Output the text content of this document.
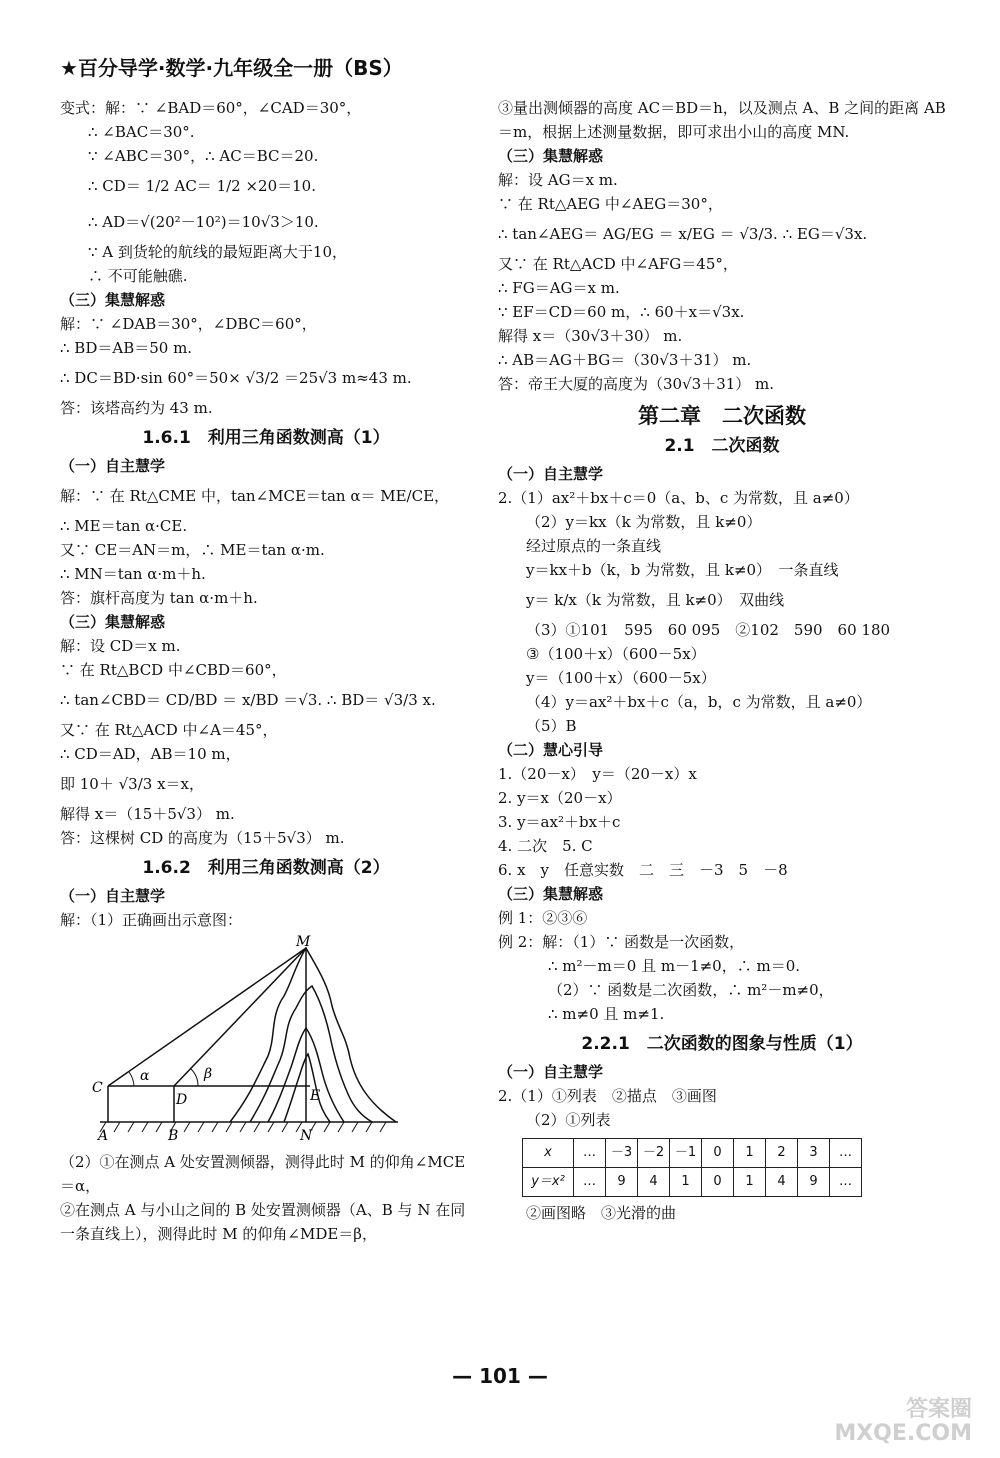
★百分导学·数学·九年级全一册（BS）
变式：解：∵ ∠BAD＝60°，∠CAD＝30°，
∴ ∠BAC＝30°.
∵ ∠ABC＝30°，∴ AC＝BC＝20.
∴ CD＝ 1/2 AC＝ 1/2 ×20＝10.
∴ AD＝√(20²－10²)＝10√3＞10.
∵ A 到货轮的航线的最短距离大于10，
∴ 不可能触礁.
（三）集慧解惑
解：∵ ∠DAB＝30°，∠DBC＝60°，
∴ BD＝AB＝50 m.
∴ DC＝BD·sin 60°＝50× √3/2 ＝25√3 m≈43 m.
答：该塔高约为 43 m.
1.6.1　利用三角函数测高（1）
（一）自主慧学
解：∵ 在 Rt△CME 中，tan∠MCE＝tan α＝ ME/CE，
∴ ME＝tan α·CE.
又∵ CE＝AN＝m，∴ ME＝tan α·m.
∴ MN＝tan α·m＋h.
答：旗杆高度为 tan α·m＋h.
（三）集慧解惑
解：设 CD＝x m.
∵ 在 Rt△BCD 中∠CBD＝60°，
∴ tan∠CBD＝ CD/BD ＝ x/BD ＝√3. ∴ BD＝ √3/3 x.
又∵ 在 Rt△ACD 中∠A＝45°，
∴ CD＝AD，AB＝10 m，
即 10＋ √3/3 x＝x，
解得 x＝（15＋5√3） m.
答：这棵树 CD 的高度为（15＋5√3） m.
1.6.2　利用三角函数测高（2）
（一）自主慧学
解：（1）正确画出示意图：
M
C
D	E
A	B	N
α	β
（2）①在测点 A 处安置测倾器，测得此时 M 的仰角∠MCE＝α，
②在测点 A 与小山之间的 B 处安置测倾器（A、B 与 N 在同一条直线上），测得此时 M 的仰角∠MDE＝β，
③量出测倾器的高度 AC＝BD＝h，以及测点 A、B 之间的距离 AB＝m，根据上述测量数据，即可求出小山的高度 MN.
（三）集慧解惑
解：设 AG＝x m.
∵ 在 Rt△AEG 中∠AEG＝30°，
∴ tan∠AEG＝ AG/EG ＝ x/EG ＝ √3/3. ∴ EG＝√3x.
又∵ 在 Rt△ACD 中∠AFG＝45°，
∴ FG＝AG＝x m.
∵ EF＝CD＝60 m，∴ 60＋x＝√3x.
解得 x＝（30√3＋30） m.
∴ AB＝AG＋BG＝（30√3＋31） m.
答：帝王大厦的高度为（30√3＋31） m.
第二章　二次函数
2.1　二次函数
（一）自主慧学
2.（1）ax²＋bx＋c＝0（a、b、c 为常数，且 a≠0）
（2）y＝kx（k 为常数，且 k≠0）
经过原点的一条直线
y＝kx＋b（k，b 为常数，且 k≠0）　一条直线
y＝ k/x（k 为常数，且 k≠0）　双曲线
（3）①101　595　60 095　②102　590　60 180
③（100＋x）（600－5x）
y＝（100＋x）（600－5x）
（4）y＝ax²＋bx＋c（a，b，c 为常数，且 a≠0）
（5）B
（二）慧心引导
1.（20－x）　y＝（20－x）x
2. y＝x（20－x）
3. y＝ax²＋bx＋c
4. 二次　5. C
6. x　y　任意实数　二　三　－3　5　－8
（三）集慧解惑
例 1：②③⑥
例 2：解：（1）∵ 函数是一次函数，
∴ m²－m＝0 且 m－1≠0，∴ m＝0.
（2）∵ 函数是二次函数，∴ m²－m≠0，
∴ m≠0 且 m≠1.
2.2.1　二次函数的图象与性质（1）
（一）自主慧学
2.（1）①列表　②描点　③画图
（2）①列表
x	…	－3	－2	－1	0	1	2	3	…
y＝x²	…	9	4	1	0	1	4	9	…
②画图略　③光滑的曲
— 101 —
答案圈
MXQE.COM
